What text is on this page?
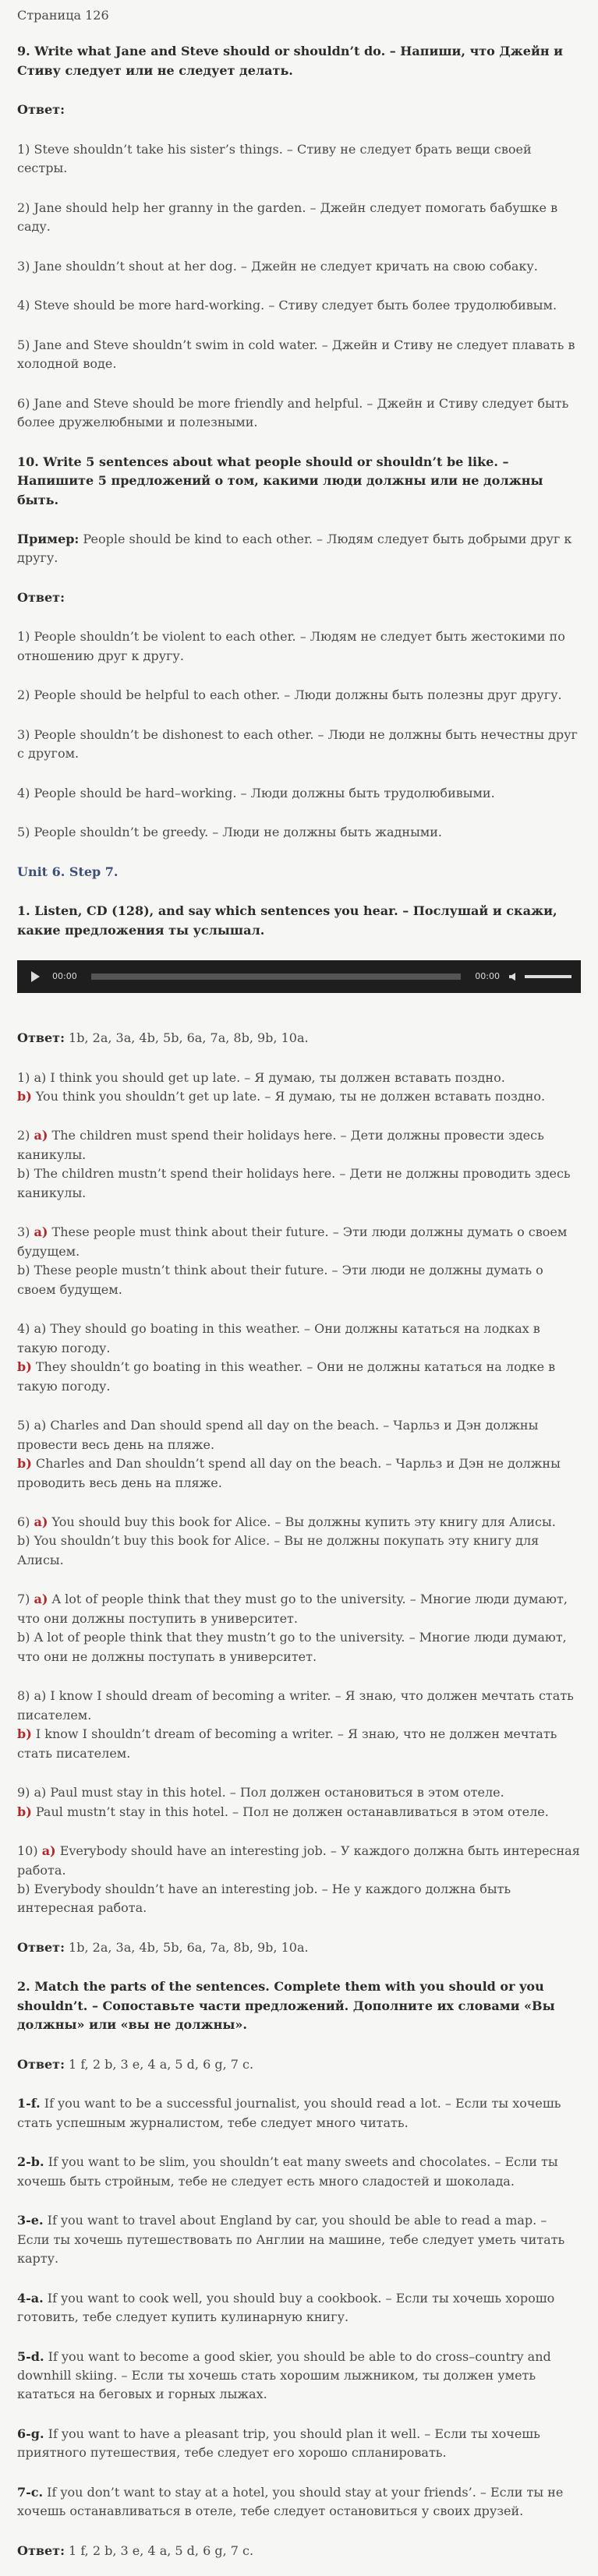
Страница 126

9. Write what Jane and Steve should or shouldn’t do. – Напиши, что Джейн и Стиву следует или не следует делать.

Ответ:

1) Steve shouldn’t take his sister’s things. – Стиву не следует брать вещи своей сестры.

2) Jane should help her granny in the garden. – Джейн следует помогать бабушке в саду.

3) Jane shouldn’t shout at her dog. – Джейн не следует кричать на свою собаку.

4) Steve should be more hard-working. – Стиву следует быть более трудолюбивым.

5) Jane and Steve shouldn’t swim in cold water. – Джейн и Стиву не следует плавать в холодной воде.

6) Jane and Steve should be more friendly and helpful. – Джейн и Стиву следует быть более дружелюбными и полезными.

10. Write 5 sentences about what people should or shouldn’t be like. – Напишите 5 предложений о том, какими люди должны или не должны быть.

Пример: People should be kind to each other. – Людям следует быть добрыми друг к другу.

Ответ:

1) People shouldn’t be violent to each other. – Людям не следует быть жестокими по отношению друг к другу.

2) People should be helpful to each other. – Люди должны быть полезны друг другу.

3) People shouldn’t be dishonest to each other. – Люди не должны быть нечестны друг с другом.

4) People should be hard–working. – Люди должны быть трудолюбивыми.

5) People shouldn’t be greedy. – Люди не должны быть жадными.

Unit 6. Step 7.

1. Listen, CD (128), and say which sentences you hear. – Послушай и скажи, какие предложения ты услышал.

00:00	00:00

Ответ: 1b, 2a, 3a, 4b, 5b, 6a, 7a, 8b, 9b, 10a.

1) a) I think you should get up late. – Я думаю, ты должен вставать поздно.

b) You think you shouldn’t get up late. – Я думаю, ты не должен вставать поздно.

2) a) The children must spend their holidays here. – Дети должны провести здесь каникулы.

b) The children mustn’t spend their holidays here. – Дети не должны проводить здесь каникулы.

3) a) These people must think about their future. – Эти люди должны думать о своем будущем.

b) These people mustn’t think about their future. – Эти люди не должны думать о своем будущем.

4) a) They should go boating in this weather. – Они должны кататься на лодках в такую погоду.

b) They shouldn’t go boating in this weather. – Они не должны кататься на лодке в такую погоду.

5) a) Charles and Dan should spend all day on the beach. – Чарльз и Дэн должны провести весь день на пляже.

b) Charles and Dan shouldn’t spend all day on the beach. – Чарльз и Дэн не должны проводить весь день на пляже.

6) a) You should buy this book for Alice. – Вы должны купить эту книгу для Алисы.

b) You shouldn’t buy this book for Alice. – Вы не должны покупать эту книгу для Алисы.

7) a) A lot of people think that they must go to the university. – Многие люди думают, что они должны поступить в университет.

b) A lot of people think that they mustn’t go to the university. – Многие люди думают, что они не должны поступать в университет.

8) a) I know I should dream of becoming a writer. – Я знаю, что должен мечтать стать писателем.

b) I know I shouldn’t dream of becoming a writer. – Я знаю, что не должен мечтать стать писателем.

9) a) Paul must stay in this hotel. – Пол должен остановиться в этом отеле.

b) Paul mustn’t stay in this hotel. – Пол не должен останавливаться в этом отеле.

10) a) Everybody should have an interesting job. – У каждого должна быть интересная работа.

b) Everybody shouldn’t have an interesting job. – Не у каждого должна быть интересная работа.

Ответ: 1b, 2a, 3a, 4b, 5b, 6a, 7a, 8b, 9b, 10a.

2. Match the parts of the sentences. Complete them with you should or you shouldn’t. – Сопоставьте части предложений. Дополните их словами «Вы должны» или «вы не должны».

Ответ: 1 f, 2 b, 3 e, 4 a, 5 d, 6 g, 7 c.

1-f. If you want to be a successful journalist, you should read a lot. – Если ты хочешь стать успешным журналистом, тебе следует много читать.

2-b. If you want to be slim, you shouldn’t eat many sweets and chocolates. – Если ты хочешь быть стройным, тебе не следует есть много сладостей и шоколада.

3-e. If you want to travel about England by car, you should be able to read a map. – Если ты хочешь путешествовать по Англии на машине, тебе следует уметь читать карту.

4-a. If you want to cook well, you should buy a cookbook. – Если ты хочешь хорошо готовить, тебе следует купить кулинарную книгу.

5-d. If you want to become a good skier, you should be able to do cross–country and downhill skiing. – Если ты хочешь стать хорошим лыжником, ты должен уметь кататься на беговых и горных лыжах.

6-g. If you want to have a pleasant trip, you should plan it well. – Если ты хочешь приятного путешествия, тебе следует его хорошо спланировать.

7-c. If you don’t want to stay at a hotel, you should stay at your friends’. – Если ты не хочешь останавливаться в отеле, тебе следует остановиться у своих друзей.

Ответ: 1 f, 2 b, 3 e, 4 a, 5 d, 6 g, 7 c.
